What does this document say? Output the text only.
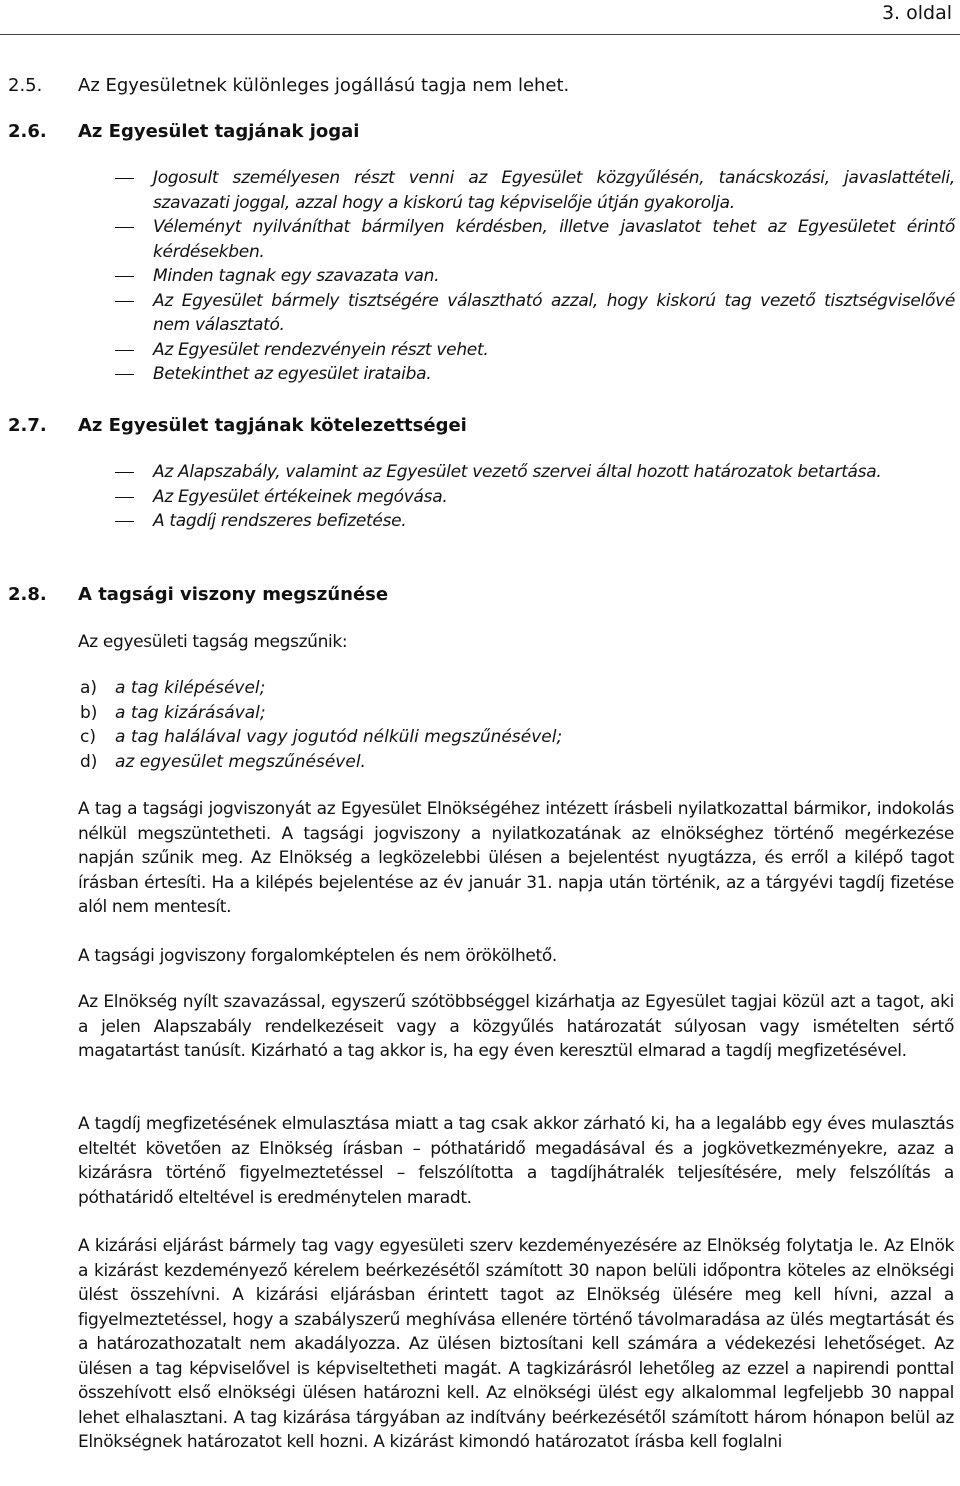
3. oldal
2.5. Az Egyesületnek különleges jogállású tagja nem lehet.
2.6. Az Egyesület tagjának jogai
Jogosult személyesen részt venni az Egyesület közgyűlésén, tanácskozási, javaslattételi, szavazati joggal, azzal hogy a kiskorú tag képviselője útján gyakorolja.
Véleményt nyilváníthat bármilyen kérdésben, illetve javaslatot tehet az Egyesületet érintő kérdésekben.
Minden tagnak egy szavazata van.
Az Egyesület bármely tisztségére választható azzal, hogy kiskorú tag vezető tisztségviselővé nem választató.
Az Egyesület rendezvényein részt vehet.
Betekinthet az egyesület irataiba.
2.7. Az Egyesület tagjának kötelezettségei
Az Alapszabály, valamint az Egyesület vezető szervei által hozott határozatok betartása.
Az Egyesület értékeinek megóvása.
A tagdíj rendszeres befizetése.
2.8. A tagsági viszony megszűnése

Az egyesületi tagság megszűnik:

a) a tag kilépésével;
b) a tag kizárásával;
c) a tag halálával vagy jogutód nélküli megszűnésével;
d) az egyesület megszűnésével.

A tag a tagsági jogviszonyát az Egyesület Elnökségéhez intézett írásbeli nyilatkozattal bármikor, indokolás nélkül megszüntetheti. A tagsági jogviszony a nyilatkozatának az elnökséghez történő megérkezése napján szűnik meg. Az Elnökség a legközelebbi ülésen a bejelentést nyugtázza, és erről a kilépő tagot írásban értesíti. Ha a kilépés bejelentése az év január 31. napja után történik, az a tárgyévi tagdíj fizetése alól nem mentesít.

A tagsági jogviszony forgalomképtelen és nem örökölhető.

Az Elnökség nyílt szavazással, egyszerű szótöbbséggel kizárhatja az Egyesület tagjai közül azt a tagot, aki a jelen Alapszabály rendelkezéseit vagy a közgyűlés határozatát súlyosan vagy ismételten sértő magatartást tanúsít. Kizárható a tag akkor is, ha egy éven keresztül elmarad a tagdíj megfizetésével.

A tagdíj megfizetésének elmulasztása miatt a tag csak akkor zárható ki, ha a legalább egy éves mulasztás elteltét követően az Elnökség írásban – póthatáridő megadásával és a jogkövetkezményekre, azaz a kizárásra történő figyelmeztetéssel – felszólította a tagdíjhátralék teljesítésére, mely felszólítás a póthatáridő elteltével is eredménytelen maradt.

A kizárási eljárást bármely tag vagy egyesületi szerv kezdeményezésére az Elnökség folytatja le. Az Elnök a kizárást kezdeményező kérelem beérkezésétől számított 30 napon belüli időpontra köteles az elnökségi ülést összehívni. A kizárási eljárásban érintett tagot az Elnökség ülésére meg kell hívni, azzal a figyelmeztetéssel, hogy a szabályszerű meghívása ellenére történő távolmaradása az ülés megtartását és a határozathozatalt nem akadályozza. Az ülésen biztosítani kell számára a védekezési lehetőséget. Az ülésen a tag képviselővel is képviseltetheti magát. A tagkizárásról lehetőleg az ezzel a napirendi ponttal összehívott első elnökségi ülésen határozni kell. Az elnökségi ülést egy alkalommal legfeljebb 30 nappal lehet elhalasztani. A tag kizárása tárgyában az indítvány beérkezésétől számított három hónapon belül az Elnökségnek határozatot kell hozni. A kizárást kimondó határozatot írásba kell foglalni
